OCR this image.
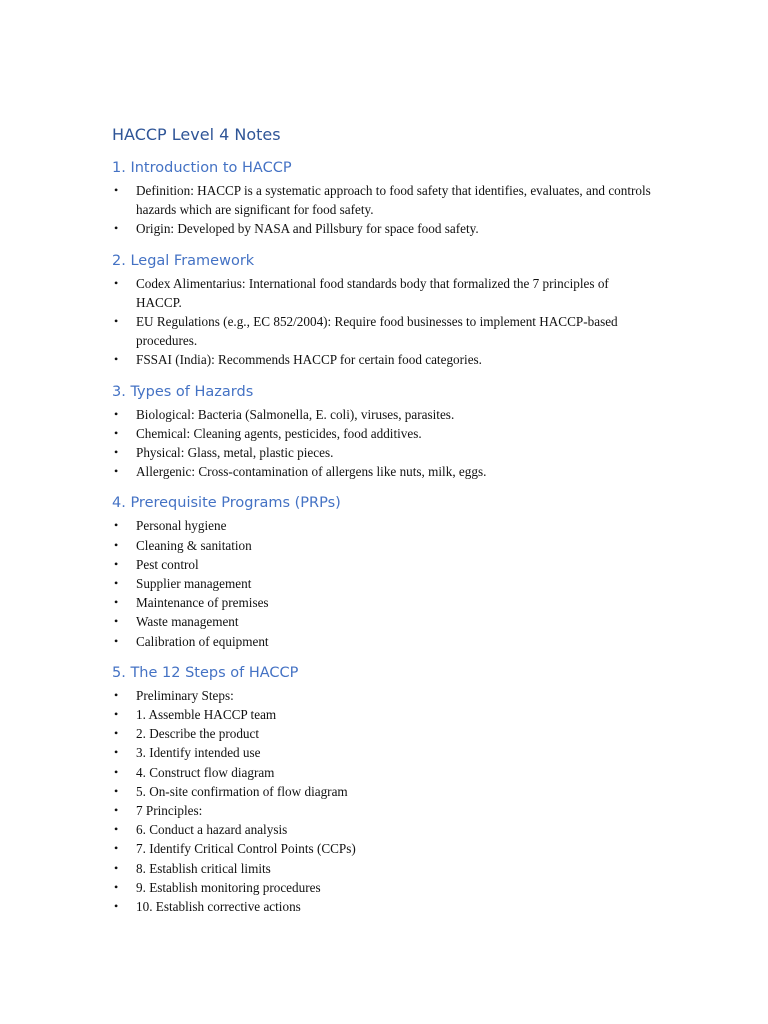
HACCP Level 4 Notes
1. Introduction to HACCP
• Definition: HACCP is a systematic approach to food safety that identifies, evaluates, and controls hazards which are significant for food safety.
• Origin: Developed by NASA and Pillsbury for space food safety.
2. Legal Framework
• Codex Alimentarius: International food standards body that formalized the 7 principles of HACCP.
• EU Regulations (e.g., EC 852/2004): Require food businesses to implement HACCP-based procedures.
• FSSAI (India): Recommends HACCP for certain food categories.
3. Types of Hazards
• Biological: Bacteria (Salmonella, E. coli), viruses, parasites.
• Chemical: Cleaning agents, pesticides, food additives.
• Physical: Glass, metal, plastic pieces.
• Allergenic: Cross-contamination of allergens like nuts, milk, eggs.
4. Prerequisite Programs (PRPs)
• Personal hygiene
• Cleaning & sanitation
• Pest control
• Supplier management
• Maintenance of premises
• Waste management
• Calibration of equipment
5. The 12 Steps of HACCP
• Preliminary Steps:
• 1. Assemble HACCP team
• 2. Describe the product
• 3. Identify intended use
• 4. Construct flow diagram
• 5. On-site confirmation of flow diagram
• 7 Principles:
• 6. Conduct a hazard analysis
• 7. Identify Critical Control Points (CCPs)
• 8. Establish critical limits
• 9. Establish monitoring procedures
• 10. Establish corrective actions
